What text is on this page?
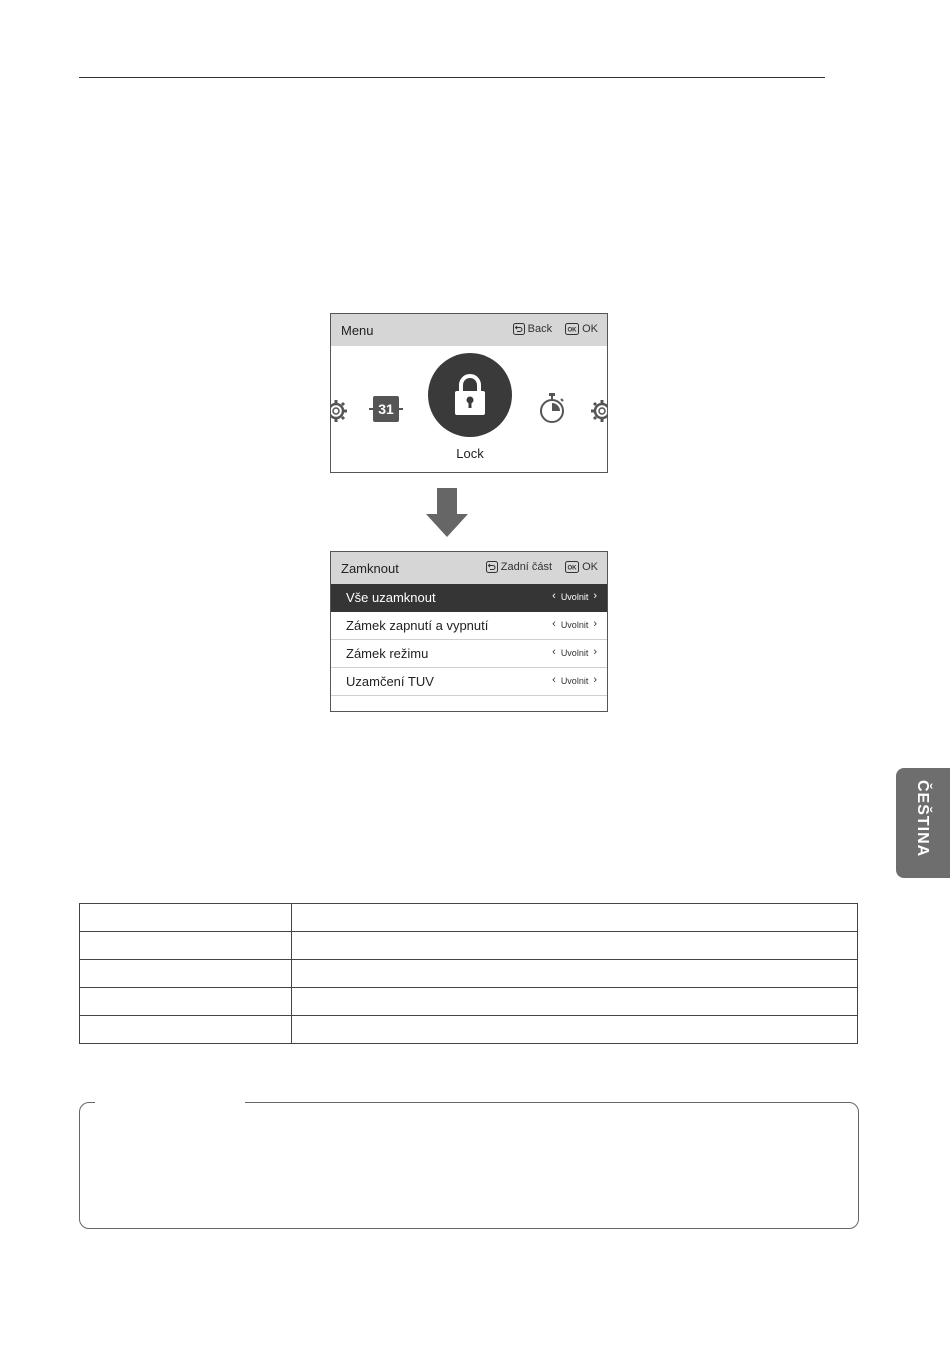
Menu	Back	OK OK
31
Lock
Zamknout	Zadní část	OK OK
Vše uzamknout	‹ Uvolnit ›
Zámek zapnutí a vypnutí	‹ Uvolnit ›
Zámek režimu	‹ Uvolnit ›
Uzamčení TUV	‹ Uvolnit ›
ČEŠTINA
